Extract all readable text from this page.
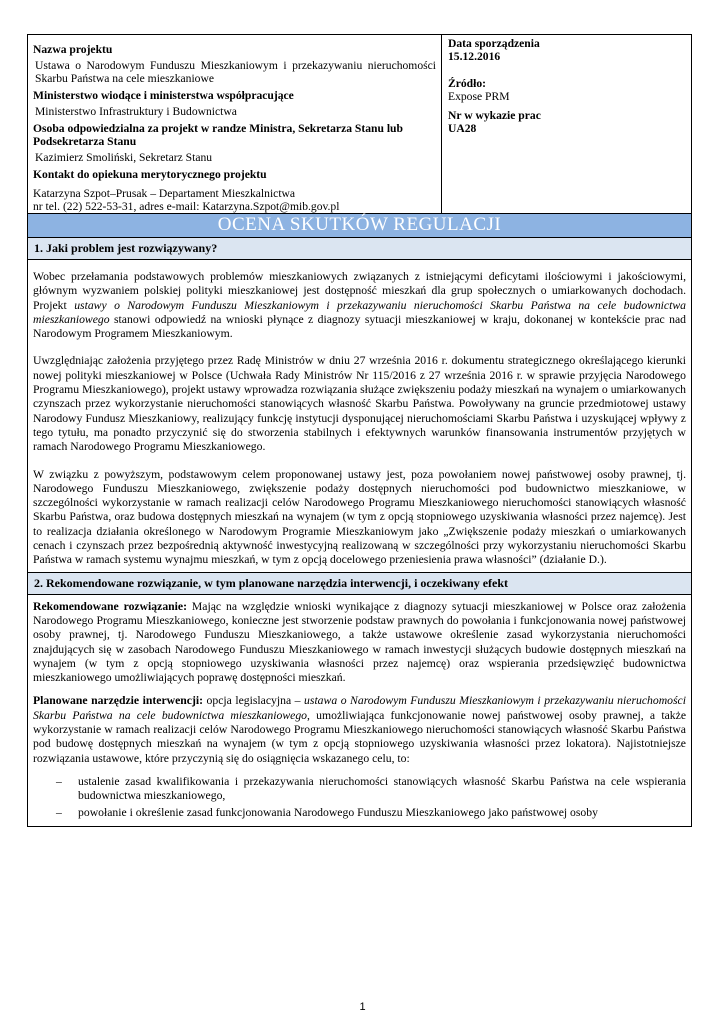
Nazwa projektu
Ustawa o Narodowym Funduszu Mieszkaniowym i przekazywaniu nieruchomości Skarbu Państwa na cele mieszkaniowe
Ministerstwo wiodące i ministerstwa współpracujące
Ministerstwo Infrastruktury i Budownictwa
Osoba odpowiedzialna za projekt w randze Ministra, Sekretarza Stanu lub Podsekretarza Stanu
Kazimierz Smoliński, Sekretarz Stanu
Kontakt do opiekuna merytorycznego projektu
Katarzyna Szpot–Prusak – Departament Mieszkalnictwa
nr tel. (22) 522-53-31, adres e-mail: Katarzyna.Szpot@mib.gov.pl

Data sporządzenia
15.12.2016
Źródło:
Expose PRM
Nr w wykazie prac
UA28

OCENA SKUTKÓW REGULACJI
1. Jaki problem jest rozwiązywany?

Wobec przełamania podstawowych problemów mieszkaniowych związanych z istniejącymi deficytami ilościowymi i jakościowymi, głównym wyzwaniem polskiej polityki mieszkaniowej jest dostępność mieszkań dla grup społecznych o umiarkowanych dochodach. Projekt ustawy o Narodowym Funduszu Mieszkaniowym i przekazywaniu nieruchomości Skarbu Państwa na cele budownictwa mieszkaniowego stanowi odpowiedź na wnioski płynące z diagnozy sytuacji mieszkaniowej w kraju, dokonanej w kontekście prac nad Narodowym Programem Mieszkaniowym.

Uwzględniając założenia przyjętego przez Radę Ministrów w dniu 27 września 2016 r. dokumentu strategicznego określającego kierunki nowej polityki mieszkaniowej w Polsce (Uchwała Rady Ministrów Nr 115/2016 z 27 września 2016 r. w sprawie przyjęcia Narodowego Programu Mieszkaniowego), projekt ustawy wprowadza rozwiązania służące zwiększeniu podaży mieszkań na wynajem o umiarkowanych czynszach przez wykorzystanie nieruchomości stanowiących własność Skarbu Państwa. Powoływany na gruncie przedmiotowej ustawy Narodowy Fundusz Mieszkaniowy, realizujący funkcję instytucji dysponującej nieruchomościami Skarbu Państwa i uzyskującej wpływy z tego tytułu, ma ponadto przyczynić się do stworzenia stabilnych i efektywnych warunków finansowania instrumentów przyjętych w ramach Narodowego Programu Mieszkaniowego.

W związku z powyższym, podstawowym celem proponowanej ustawy jest, poza powołaniem nowej państwowej osoby prawnej, tj. Narodowego Funduszu Mieszkaniowego, zwiększenie podaży dostępnych nieruchomości pod budownictwo mieszkaniowe, w szczególności wykorzystanie w ramach realizacji celów Narodowego Programu Mieszkaniowego nieruchomości stanowiących własność Skarbu Państwa, oraz budowa dostępnych mieszkań na wynajem (w tym z opcją stopniowego uzyskiwania własności przez najemcę). Jest to realizacja działania określonego w Narodowym Programie Mieszkaniowym jako „Zwiększenie podaży mieszkań o umiarkowanych cenach i czynszach przez bezpośrednią aktywność inwestycyjną realizowaną w szczególności przy wykorzystaniu nieruchomości Skarbu Państwa w ramach systemu wynajmu mieszkań, w tym z opcją docelowego przeniesienia prawa własności” (działanie D.).

2. Rekomendowane rozwiązanie, w tym planowane narzędzia interwencji, i oczekiwany efekt

Rekomendowane rozwiązanie: Mając na względzie wnioski wynikające z diagnozy sytuacji mieszkaniowej w Polsce oraz założenia Narodowego Programu Mieszkaniowego, konieczne jest stworzenie podstaw prawnych do powołania i funkcjonowania nowej państwowej osoby prawnej, tj. Narodowego Funduszu Mieszkaniowego, a także ustawowe określenie zasad wykorzystania nieruchomości znajdujących się w zasobach Narodowego Funduszu Mieszkaniowego w ramach inwestycji służących budowie dostępnych mieszkań na wynajem (w tym z opcją stopniowego uzyskiwania własności przez najemcę) oraz wspierania przedsięwzięć budownictwa mieszkaniowego umożliwiających poprawę dostępności mieszkań.

Planowane narzędzie interwencji: opcja legislacyjna – ustawa o Narodowym Funduszu Mieszkaniowym i przekazywaniu nieruchomości Skarbu Państwa na cele budownictwa mieszkaniowego, umożliwiająca funkcjonowanie nowej państwowej osoby prawnej, a także wykorzystanie w ramach realizacji celów Narodowego Programu Mieszkaniowego nieruchomości stanowiących własność Skarbu Państwa pod budowę dostępnych mieszkań na wynajem (w tym z opcją stopniowego uzyskiwania własności przez lokatora). Najistotniejsze rozwiązania ustawowe, które przyczynią się do osiągnięcia wskazanego celu, to:

– ustalenie zasad kwalifikowania i przekazywania nieruchomości stanowiących własność Skarbu Państwa na cele wspierania budownictwa mieszkaniowego,
– powołanie i określenie zasad funkcjonowania Narodowego Funduszu Mieszkaniowego jako państwowej osoby
1
